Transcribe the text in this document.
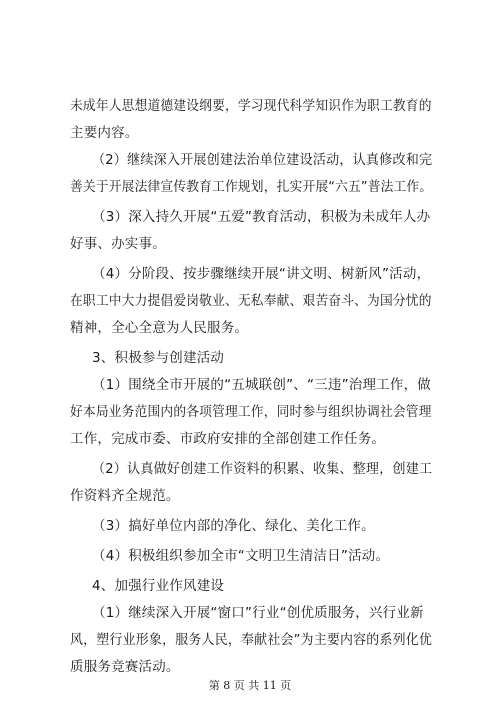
未成年人思想道德建设纲要，学习现代科学知识作为职工教育的
主要内容。
（2）继续深入开展创建法治单位建设活动，认真修改和完
善关于开展法律宣传教育工作规划，扎实开展“六五”普法工作。
（3）深入持久开展“五爱”教育活动，积极为未成年人办
好事、办实事。
（4）分阶段、按步骤继续开展“讲文明、树新风”活动，
在职工中大力提倡爱岗敬业、无私奉献、艰苦奋斗、为国分忧的
精神，全心全意为人民服务。
3、积极参与创建活动
（1）围绕全市开展的“五城联创”、“三违”治理工作，做
好本局业务范围内的各项管理工作，同时参与组织协调社会管理
工作，完成市委、市政府安排的全部创建工作任务。
（2）认真做好创建工作资料的积累、收集、整理，创建工
作资料齐全规范。
（3）搞好单位内部的净化、绿化、美化工作。
（4）积极组织参加全市“文明卫生清洁日”活动。
4、加强行业作风建设
（1）继续深入开展“窗口”行业“创优质服务，兴行业新
风，塑行业形象，服务人民，奉献社会”为主要内容的系列化优
质服务竞赛活动。
第 8 页 共 11 页
